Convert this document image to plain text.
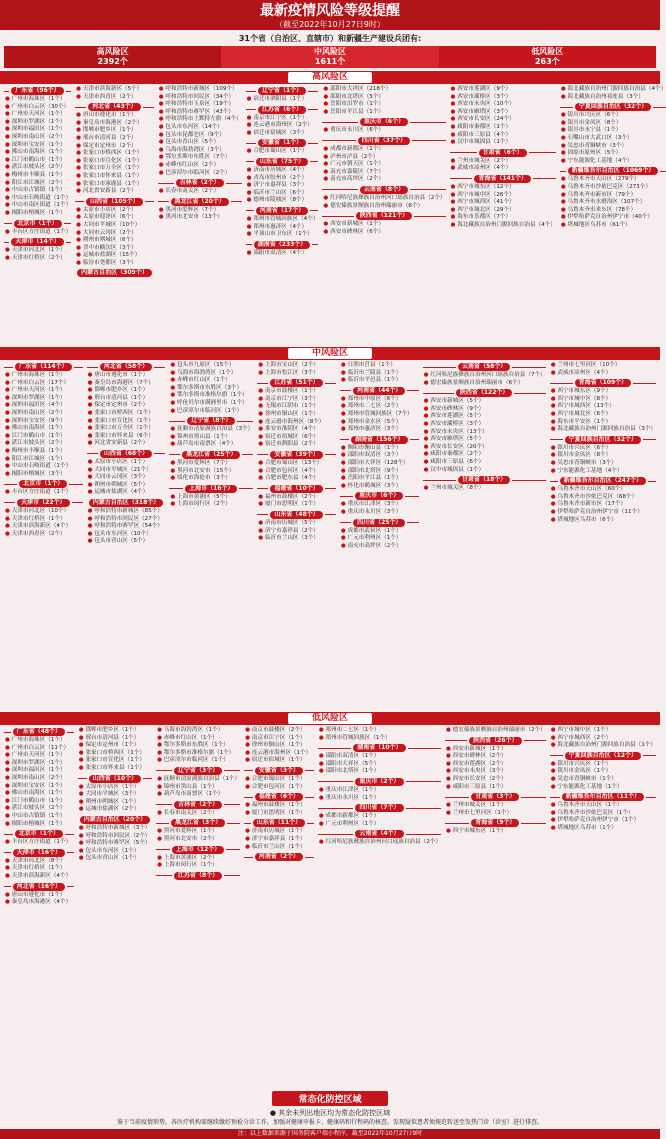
最新疫情风险等级提醒
（截至2022年10月27日9时）
31个省（自治区、直辖市）和新疆生产建设兵团有:
高风险区
2392个
中风险区
1611个
低风险区
263个
高风险区
广东省（96个）
● 广州市海珠区（1个）
● 广州市白云区（30个）
● 广州市天河区（1个）
● 深圳市罗湖区（1个）
● 深圳市福田区（1个）
● 深圳市南山区（2个）
● 深圳市宝安区（1个）
● 佛山市南海区（1个）
● 江门市鹤山市（1个）
● 湛江市坡头区（2个）
● 梅州市丰顺县（1个）
● 阳江市江城区（2个）
● 中山市古镇镇（1个）
● 中山市石岐街道（1个）
● 中山市南区街道（1个）
● 揭阳市榕城区（1个）
北京市（1个）
● 丰台区方庄街道（1个）
天津市（14个）
● 天津市河北区（1个）
● 天津市红桥区（2个）
● 天津市滨海新区（5个）
● 天津市西青区（2个）
河北省（43个）
● 唐山市遵化市（1个）
● 秦皇岛市海港区（2个）
● 邯郸市肥乡区（1个）
● 邢台市清河县（2个）
● 保定市定州市（2个）
● 张家口市桥西区（1个）
● 张家口市宣化区（1个）
● 张家口市万全区（1个）
● 张家口市怀来县（1个）
● 张家口市涿鹿县（1个）
● 河北省安新县（2个）
山西省（105个）
● 太原市小店区（2个）
● 太原市迎泽区（6个）
● 大同市平城区（10个）
● 大同市云冈区（2个）
● 朔州市朔城区（6个）
● 晋中市榆次区（3个）
● 运城市盐湖区（15个）
● 临汾市尧都区（3个）
内蒙古自治区（309个）
● 呼和浩特市新城区（109个）
● 呼和浩特市回民区（34个）
● 呼和浩特市玉泉区（19个）
● 呼和浩特市赛罕区（43个）
● 呼和浩特市土默特左旗（4个）
● 包头市东河区（14个）
● 包头市昆都仑区（9个）
● 包头市青山区（5个）
● 乌海市海勃湾区（3个）
● 鄂尔多斯市东胜区（7个）
● 赤峰市红山区（2个）
● 巴彦淖尔市临河区（2个）
吉林省（2个）
● 长春市南关区（2个）
黑龙江省（20个）
● 黑河市爱辉区（7个）
● 黑河市北安市（13个）
辽宁省（1个）
● 宿迁市泗阳县（1个）
江苏省（6个）
● 南京市江宁区（1个）
● 连云港市海州区（2个）
● 宿迁市宿城区（3个）
安徽省（1个）
● 合肥市蜀山区（1个）
山东省（75个）
● 济南市历城区（4个）
● 青岛市胶州市（2个）
● 济宁市嘉祥县（3个）
● 临沂市兰山区（6个）
● 德州市陵城区（8个）
河南省（17个）
● 郑州市管城回族区（4个）
● 郑州市惠济区（4个）
● 平顶山市卫东区（1个）
湖南省（233个）
● 邵阳市双清区（4个）
● 邵阳市大祥区（218个）
● 邵阳市北塔区（5个）
● 岳阳市汨罗市（1个）
● 岳阳市平江县（1个）
重庆市（6个）
● 重庆市永川区（6个）
四川省（37个）
● 成都市新都区（1个）
● 泸州市泸县（2个）
● 广元市朝天区（1个）
● 南充市嘉陵区（7个）
● 南充市高坪区（2个）
云南省（8个）
● 红河哈尼族彝族自治州河口瑶族自治县（2个）
● 德宏傣族景颇族自治州瑞丽市（6个）
陕西省（121个）
● 西安市新城区（1个）
● 西安市碑林区（6个）
● 西安市莲湖区（9个）
● 西安市灞桥区（3个）
● 西安市未央区（10个）
● 西安市雁塔区（3个）
● 西安市长安区（24个）
● 咸阳市秦都区（1个）
● 咸阳市三原县（4个）
● 汉中市城固县（1个）
甘肃省（6个）
● 兰州市城关区（2个）
● 武威市凉州区（4个）
青海省（141个）
● 西宁市城东区（12个）
● 西宁市城中区（26个）
● 西宁市城西区（41个）
● 西宁市城北区（29个）
● 海东市乐都区（7个）
● 海北藏族自治州门源回族自治县（4个）
● 海北藏族自治州门源回族自治县（4个）
● 海北藏族自治州祁连县（3个）
宁夏回族自治区（32个）
● 银川市兴庆区（6个）
● 银川市金凤区（8个）
● 银川市永宁县（1个）
● 石嘴山市大武口区（3个）
● 吴忠市青铜峡市（3个）
● 固原市原州区（5个）
● 宁东能源化工基地（4个）
新疆维吾尔自治区（1069个）
● 乌鲁木齐市天山区（279个）
● 乌鲁木齐市沙依巴克区（273个）
● 乌鲁木齐市新市区（79个）
● 乌鲁木齐市水磨沟区（107个）
● 乌鲁木齐市米东区（78个）
● 伊犁哈萨克自治州伊宁市（40个）
● 塔城地区乌苏市（61个）
中风险区
广东省（114个）
● 广州市海珠区（1个）
● 广州市白云区（17个）
● 广州市天河区（1个）
● 深圳市罗湖区（1个）
● 深圳市福田区（4个）
● 深圳市南山区（2个）
● 深圳市宝安区（9个）
● 佛山市南海区（1个）
● 江门市鹤山市（1个）
● 湛江市坡头区（2个）
● 梅州市丰顺县（1个）
● 阳江市江城区（1个）
● 中山市石岐街道（1个）
● 揭阳市榕城区（3个）
北京市（1个）
● 丰台区方庄街道（1个）
天津市（22个）
● 天津市河北区（10个）
● 天津市红桥区（1个）
● 天津市滨海新区（4个）
● 天津市西青区（2个）
河北省（58个）
● 唐山市遵化市（1个）
● 秦皇岛市海港区（7个）
● 邯郸市肥乡区（1个）
● 邢台市清河县（1个）
● 保定市定州市（2个）
● 张家口市桥西区（1个）
● 张家口市宣化区（1个）
● 张家口市万全区（1个）
● 张家口市怀来县（6个）
● 河北省安新县（2个）
山西省（68个）
● 太原市小店区（1个）
● 大同市平城区（21个）
● 大同市云冈区（3个）
● 朔州市朔城区（5个）
● 运城市盐湖区（4个）
内蒙古自治区（318个）
● 呼和浩特市新城区（85个）
● 呼和浩特市回民区（27个）
● 呼和浩特市赛罕区（54个）
● 包头市东河区（10个）
● 包头市青山区（5个）
● 包头市九原区（15个）
● 乌海市海勃湾区（1个）
● 赤峰市红山区（1个）
● 鄂尔多斯市东胜区（3个）
● 鄂尔多斯市准格尔旗（1个）
● 呼伦贝尔市满洲里市（1个）
● 巴彦淖尔市临河区（1个）
辽宁省（8个）
● 抚顺市清原满族自治县（3个）
● 锦州市黑山县（1个）
● 葫芦岛市南票区（4个）
黑龙江省（25个）
● 黑河市爱辉区（7个）
● 黑河市北安市（15个）
● 绥化市海伦市（3个）
上海市（16个）
● 上海市黄浦区（5个）
● 上海市闵行区（2个）
● 上海市宝山区（2个）
● 上海市松江区（3个）
江苏省（51个）
● 南京市鼓楼区（1个）
● 南京市江宁区（3个）
● 无锡市江阴市（1个）
● 徐州市铜山区（1个）
● 连云港市海州区（8个）
● 淮安市淮阴区（4个）
● 宿迁市宿城区（6个）
● 宿迁市泗阳县（2个）
安徽省（39个）
● 合肥市蜀山区（13个）
● 合肥市包河区（4个）
● 合肥市肥东县（4个）
福建省（10个）
● 福州市鼓楼区（2个）
● 厦门市思明区（1个）
山东省（48个）
● 济南市历城区（5个）
● 济宁市嘉祥县（2个）
● 临沂市兰山区（3个）
● 日照市莒县（1个）
● 临沂市兰陵县（1个）
● 临沂市平邑县（1个）
河南省（44个）
● 郑州市中原区（6个）
● 郑州市二七区（2个）
● 郑州市管城回族区（7个）
● 郑州市金水区（5个）
● 郑州市惠济区（3个）
湖南省（156个）
● 衡阳市衡山县（1个）
● 邵阳市双清区（3个）
● 邵阳市大祥区（128个）
● 邵阳市北塔区（9个）
● 岳阳市平江县（1个）
● 怀化市鹤城区（3个）
重庆市（6个）
● 重庆市江津区（3个）
● 重庆市永川区（3个）
四川省（25个）
● 成都市武侯区（1个）
● 广元市利州区（1个）
● 南充市高坪区（2个）
云南省（58个）
● 红河哈尼族彝族自治州河口瑶族自治县（7个）
● 德宏傣族景颇族自治州瑞丽市（6个）
陕西省（122个）
● 西安市新城区（5个）
● 西安市碑林区（9个）
● 西安市莲湖区（5个）
● 西安市灞桥区（3个）
● 西安市未央区（13个）
● 西安市雁塔区（5个）
● 西安市长安区（20个）
● 咸阳市秦都区（2个）
● 咸阳市三原县（6个）
● 汉中市城固县（1个）
甘肃省（18个）
● 兰州市城关区（8个）
● 兰州市七里河区（10个）
● 武威市凉州区（4个）
青海省（109个）
● 西宁市城东区（9个）
● 西宁市城中区（8个）
● 西宁市城西区（13个）
● 西宁市城北区（6个）
● 海东市平安区（1个）
● 海北藏族自治州门源回族自治县（3个）
宁夏回族自治区（32个）
● 银川市兴庆区（6个）
● 银川市金凤区（8个）
● 吴忠市青铜峡市（3个）
● 宁东能源化工基地（4个）
新疆维吾尔自治区（247个）
● 乌鲁木齐市天山区（60个）
● 乌鲁木齐市沙依巴克区（68个）
● 乌鲁木齐市新市区（17个）
● 伊犁哈萨克自治州伊宁市（11个）
● 塔城地区乌苏市（6个）
低风险区
广东省（48个）
● 广州市海珠区（1个）
● 广州市白云区（11个）
● 广州市天河区（1个）
● 深圳市罗湖区（1个）
● 深圳市福田区（1个）
● 深圳市南山区（2个）
● 深圳市宝安区（1个）
● 佛山市南海区（1个）
● 江门市鹤山市（1个）
● 湛江市坡头区（2个）
● 中山市古镇镇（1个）
● 揭阳市榕城区（1个）
北京市（1个）
● 丰台区方庄街道（1个）
天津市（16个）
● 天津市河北区（8个）
● 天津市红桥区（1个）
● 天津市滨海新区（4个）
河北省（16个）
● 唐山市遵化市（1个）
● 秦皇岛市海港区（4个）
● 邯郸市肥乡区（1个）
● 邢台市清河县（1个）
● 保定市定州市（1个）
● 张家口市桥西区（1个）
● 张家口市宣化区（1个）
● 张家口市怀来县（1个）
山西省（10个）
● 太原市小店区（1个）
● 大同市平城区（3个）
● 朔州市朔城区（1个）
● 运城市盐湖区（2个）
内蒙古自治区（20个）
● 呼和浩特市新城区（3个）
● 呼和浩特市回民区（2个）
● 呼和浩特市赛罕区（5个）
● 包头市东河区（1个）
● 包头市青山区（1个）
● 乌海市海勃湾区（1个）
● 赤峰市红山区（1个）
● 鄂尔多斯市东胜区（1个）
● 鄂尔多斯市准格尔旗（1个）
● 巴彦淖尔市临河区（1个）
辽宁省（3个）
● 抚顺市清原满族自治县（1个）
● 锦州市黑山县（1个）
● 葫芦岛市南票区（1个）
吉林省（2个）
● 长春市南关区（2个）
黑龙江省（3个）
● 黑河市爱辉区（1个）
● 黑河市北安市（2个）
上海市（12个）
● 上海市黄浦区（2个）
● 上海市闵行区（1个）
江苏省（8个）
● 南京市鼓楼区（2个）
● 南京市江宁区（1个）
● 徐州市铜山区（1个）
● 连云港市海州区（1个）
● 宿迁市宿城区（1个）
安徽省（3个）
● 合肥市蜀山区（1个）
● 合肥市包河区（1个）
福建省（6个）
● 福州市鼓楼区（1个）
● 厦门市思明区（1个）
山东省（11个）
● 济南市历城区（1个）
● 济宁市嘉祥县（1个）
● 临沂市兰山区（1个）
河南省（2个）
● 郑州市二七区（1个）
● 郑州市管城回族区（1个）
湖南省（10个）
● 邵阳市双清区（1个）
● 邵阳市大祥区（5个）
● 邵阳市北塔区（1个）
重庆市（2个）
● 重庆市江津区（1个）
● 重庆市永川区（1个）
四川省（7个）
● 成都市新都区（1个）
● 广元市利州区（1个）
云南省（4个）
● 红河哈尼族彝族自治州河口瑶族自治县（2个）
● 德宏傣族景颇族自治州瑞丽市（2个）
陕西省（26个）
● 西安市新城区（1个）
● 西安市碑林区（2个）
● 西安市莲湖区（2个）
● 西安市未央区（3个）
● 西安市长安区（2个）
● 咸阳市三原县（1个）
甘肃省（3个）
● 兰州市城关区（1个）
● 兰州市七里河区（1个）
青海省（9个）
● 西宁市城东区（1个）
● 西宁市城中区（1个）
● 西宁市城西区（2个）
● 海北藏族自治州门源回族自治县（1个）
宁夏回族自治区（12个）
● 银川市兴庆区（1个）
● 银川市金凤区（1个）
● 吴忠市青铜峡市（1个）
● 宁东能源化工基地（1个）
新疆维吾尔自治区（11个）
● 乌鲁木齐市天山区（1个）
● 乌鲁木齐市沙依巴克区（1个）
● 伊犁哈萨克自治州伊宁市（1个）
● 塔城地区乌苏市（1个）
常态化防控区域
● 其余未列出地区均为常态化防控区域
鉴于当前疫情形势，各医疗机构需继续做好预检分诊工作，加强对健康申报卡、健康码和行程码的核查。发现疑似患者须规范转送至发热门诊（诊室）进行排查。
注：以上数据来源于国务院客户端小程序，截至2022年10月27日9时
